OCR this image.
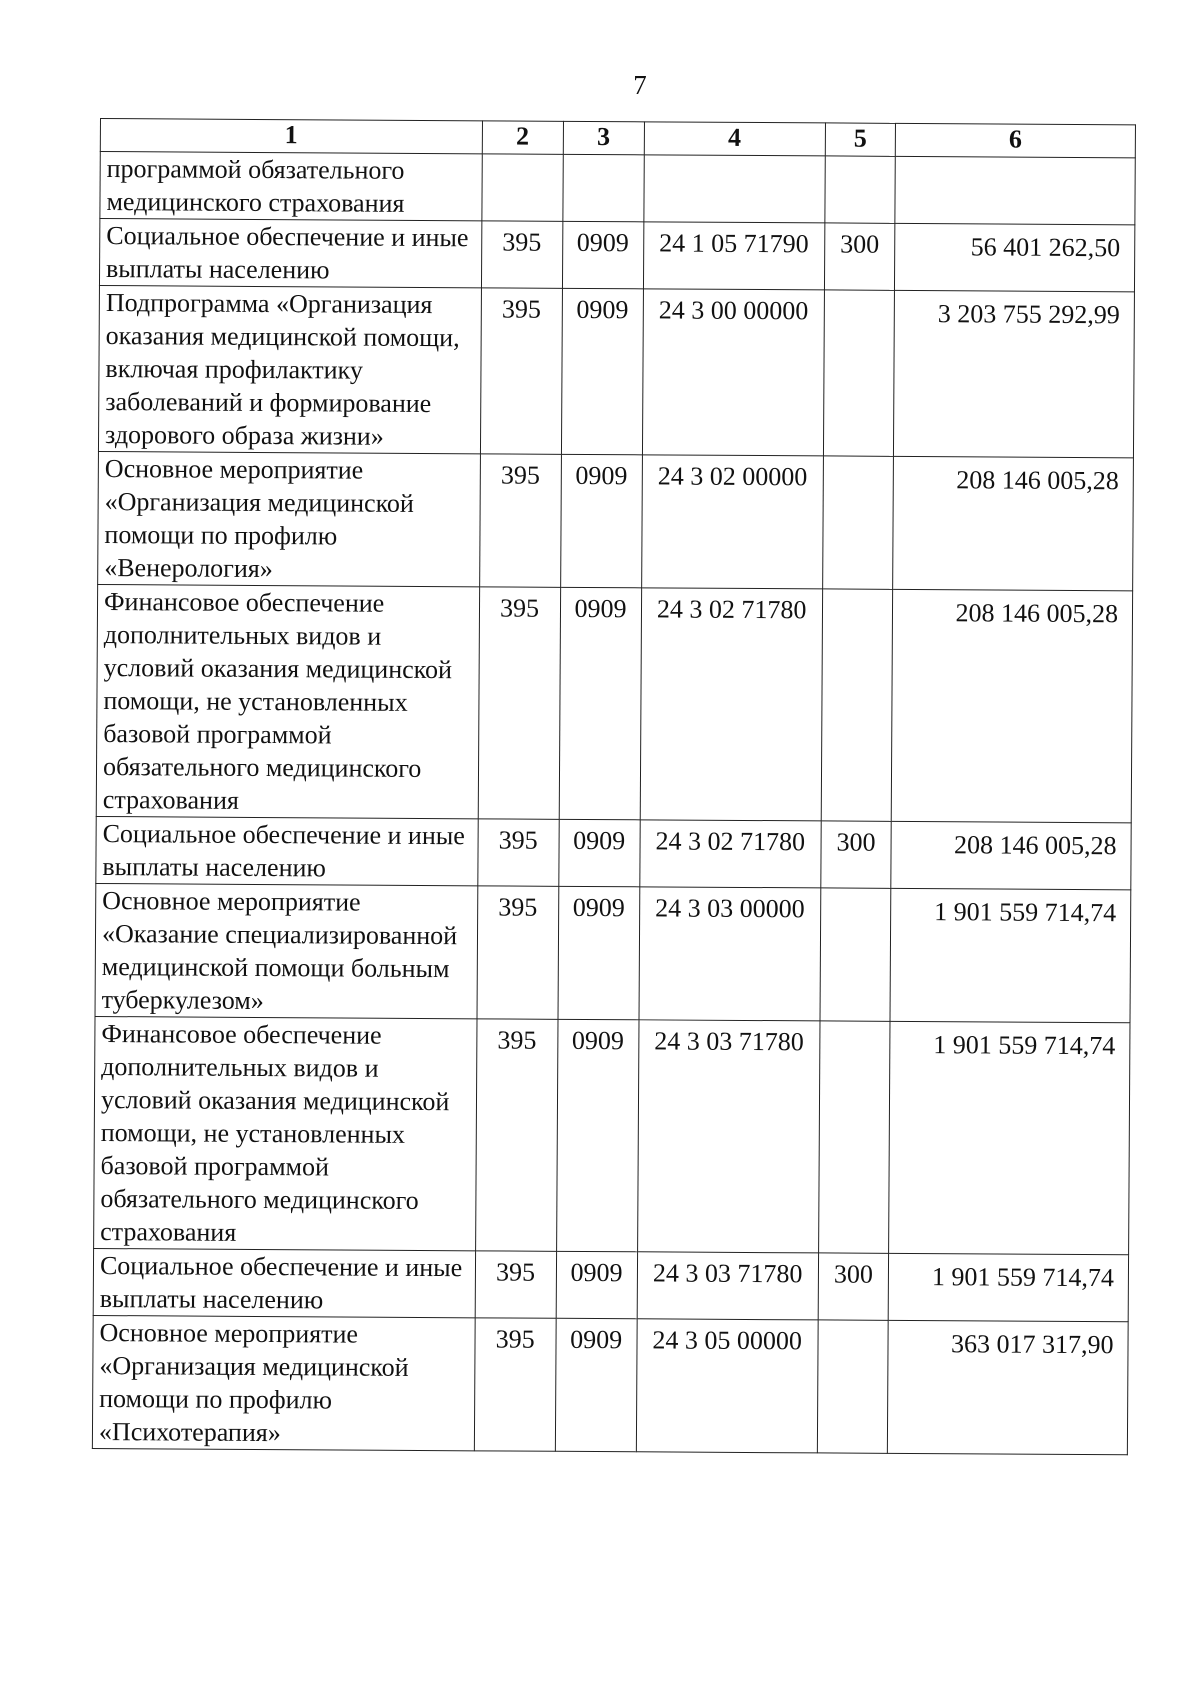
7
1	2	3	4	5	6
программой обязательного медицинского страхования					
Социальное обеспечение и иные выплаты населению	395	0909	24 1 05 71790	300	56 401 262,50
Подпрограмма «Организация оказания медицинской помощи, включая профилактику заболеваний и формирование здорового образа жизни»	395	0909	24 3 00 00000		3 203 755 292,99
Основное мероприятие «Организация медицинской помощи по профилю «Венерология»	395	0909	24 3 02 00000		208 146 005,28
Финансовое обеспечение дополнительных видов и условий оказания медицинской помощи, не установленных базовой программой обязательного медицинского страхования	395	0909	24 3 02 71780		208 146 005,28
Социальное обеспечение и иные выплаты населению	395	0909	24 3 02 71780	300	208 146 005,28
Основное мероприятие «Оказание специализированной медицинской помощи больным туберкулезом»	395	0909	24 3 03 00000		1 901 559 714,74
Финансовое обеспечение дополнительных видов и условий оказания медицинской помощи, не установленных базовой программой обязательного медицинского страхования	395	0909	24 3 03 71780		1 901 559 714,74
Социальное обеспечение и иные выплаты населению	395	0909	24 3 03 71780	300	1 901 559 714,74
Основное мероприятие «Организация медицинской помощи по профилю «Психотерапия»	395	0909	24 3 05 00000		363 017 317,90
